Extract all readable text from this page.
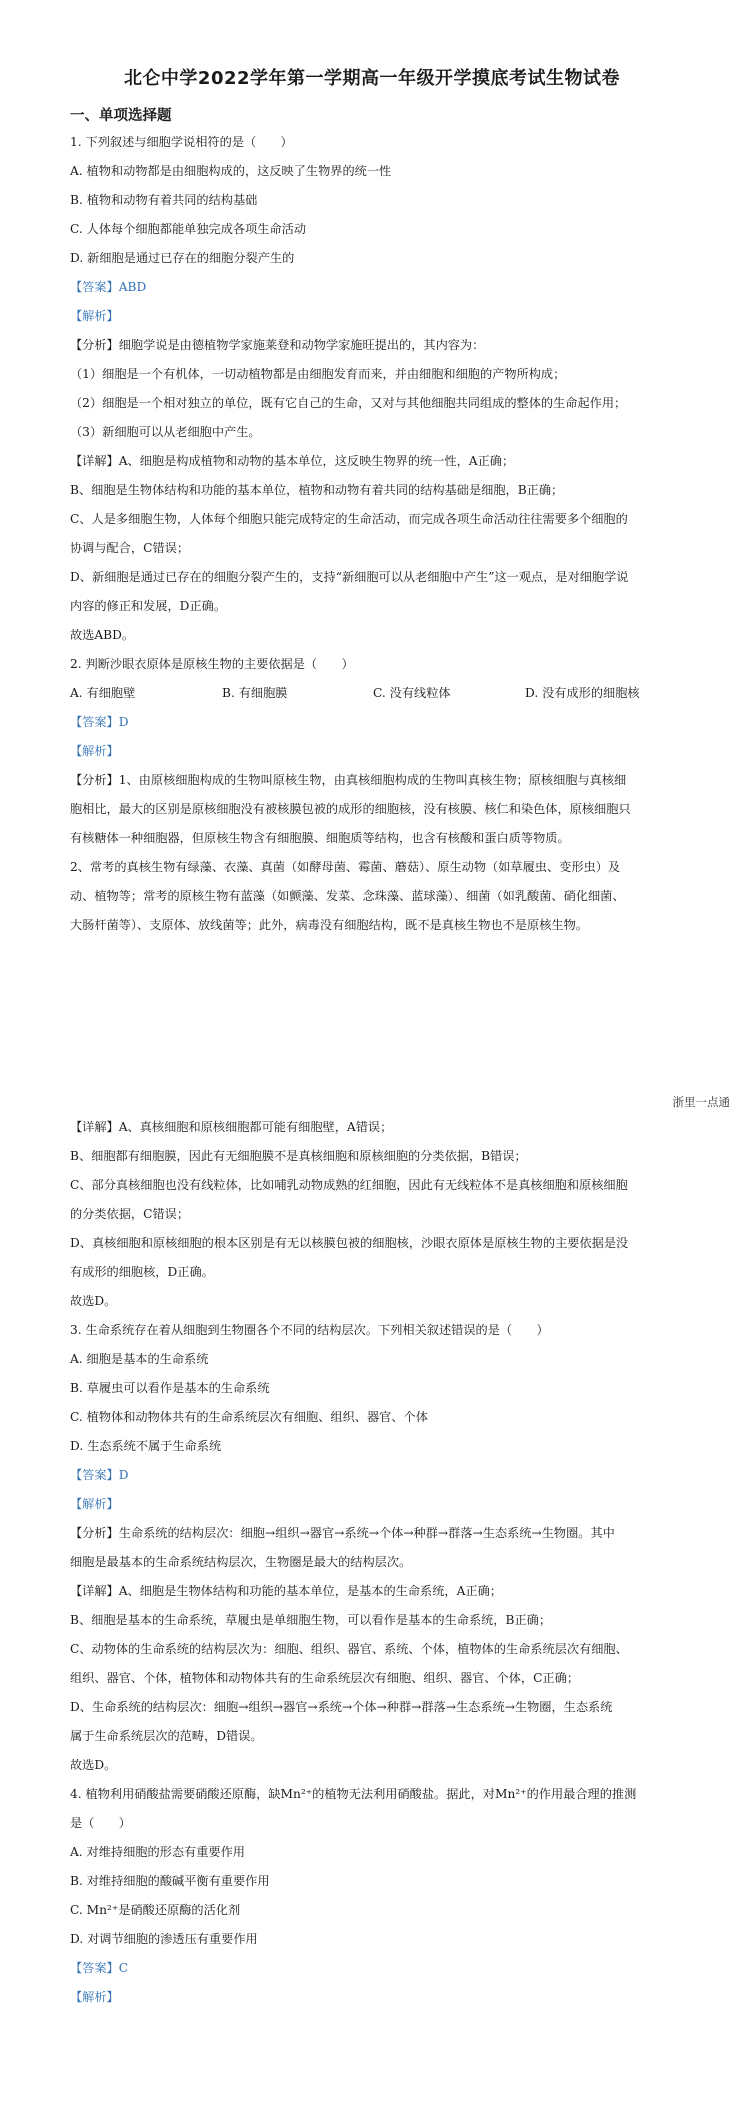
北仑中学2022学年第一学期高一年级开学摸底考试生物试卷
一、单项选择题
1. 下列叙述与细胞学说相符的是（　　）
A. 植物和动物都是由细胞构成的，这反映了生物界的统一性
B. 植物和动物有着共同的结构基础
C. 人体每个细胞都能单独完成各项生命活动
D. 新细胞是通过已存在的细胞分裂产生的
【答案】ABD
【解析】
【分析】细胞学说是由德植物学家施莱登和动物学家施旺提出的，其内容为：
（1）细胞是一个有机体，一切动植物都是由细胞发育而来，并由细胞和细胞的产物所构成；
（2）细胞是一个相对独立的单位，既有它自己的生命，又对与其他细胞共同组成的整体的生命起作用；
（3）新细胞可以从老细胞中产生。
【详解】A、细胞是构成植物和动物的基本单位，这反映生物界的统一性，A正确；
B、细胞是生物体结构和功能的基本单位，植物和动物有着共同的结构基础是细胞，B正确；
C、人是多细胞生物，人体每个细胞只能完成特定的生命活动，而完成各项生命活动往往需要多个细胞的
协调与配合，C错误；
D、新细胞是通过已存在的细胞分裂产生的，支持“新细胞可以从老细胞中产生”这一观点，是对细胞学说
内容的修正和发展，D正确。
故选ABD。
2. 判断沙眼衣原体是原核生物的主要依据是（　　）
A. 有细胞壁	B. 有细胞膜	C. 没有线粒体	D. 没有成形的细胞核
【答案】D
【解析】
【分析】1、由原核细胞构成的生物叫原核生物，由真核细胞构成的生物叫真核生物；原核细胞与真核细
胞相比，最大的区别是原核细胞没有被核膜包被的成形的细胞核，没有核膜、核仁和染色体，原核细胞只
有核糖体一种细胞器，但原核生物含有细胞膜、细胞质等结构，也含有核酸和蛋白质等物质。
2、常考的真核生物有绿藻、衣藻、真菌（如酵母菌、霉菌、蘑菇）、原生动物（如草履虫、变形虫）及
动、植物等；常考的原核生物有蓝藻（如颤藻、发菜、念珠藻、蓝球藻）、细菌（如乳酸菌、硝化细菌、
大肠杆菌等）、支原体、放线菌等；此外，病毒没有细胞结构，既不是真核生物也不是原核生物。
浙里一点通
【详解】A、真核细胞和原核细胞都可能有细胞壁，A错误；
B、细胞都有细胞膜，因此有无细胞膜不是真核细胞和原核细胞的分类依据，B错误；
C、部分真核细胞也没有线粒体，比如哺乳动物成熟的红细胞，因此有无线粒体不是真核细胞和原核细胞
的分类依据，C错误；
D、真核细胞和原核细胞的根本区别是有无以核膜包被的细胞核，沙眼衣原体是原核生物的主要依据是没
有成形的细胞核，D正确。
故选D。
3. 生命系统存在着从细胞到生物圈各个不同的结构层次。下列相关叙述错误的是（　　）
A. 细胞是基本的生命系统
B. 草履虫可以看作是基本的生命系统
C. 植物体和动物体共有的生命系统层次有细胞、组织、器官、个体
D. 生态系统不属于生命系统
【答案】D
【解析】
【分析】生命系统的结构层次：细胞→组织→器官→系统→个体→种群→群落→生态系统→生物圈。其中
细胞是最基本的生命系统结构层次，生物圈是最大的结构层次。
【详解】A、细胞是生物体结构和功能的基本单位，是基本的生命系统，A正确；
B、细胞是基本的生命系统，草履虫是单细胞生物，可以看作是基本的生命系统，B正确；
C、动物体的生命系统的结构层次为：细胞、组织、器官、系统、个体，植物体的生命系统层次有细胞、
组织、器官、个体，植物体和动物体共有的生命系统层次有细胞、组织、器官、个体，C正确；
D、生命系统的结构层次：细胞→组织→器官→系统→个体→种群→群落→生态系统→生物圈，生态系统
属于生命系统层次的范畴，D错误。
故选D。
4. 植物利用硝酸盐需要硝酸还原酶，缺Mn²⁺的植物无法利用硝酸盐。据此，对Mn²⁺的作用最合理的推测
是（　　）
A. 对维持细胞的形态有重要作用
B. 对维持细胞的酸碱平衡有重要作用
C. Mn²⁺是硝酸还原酶的活化剂
D. 对调节细胞的渗透压有重要作用
【答案】C
【解析】
